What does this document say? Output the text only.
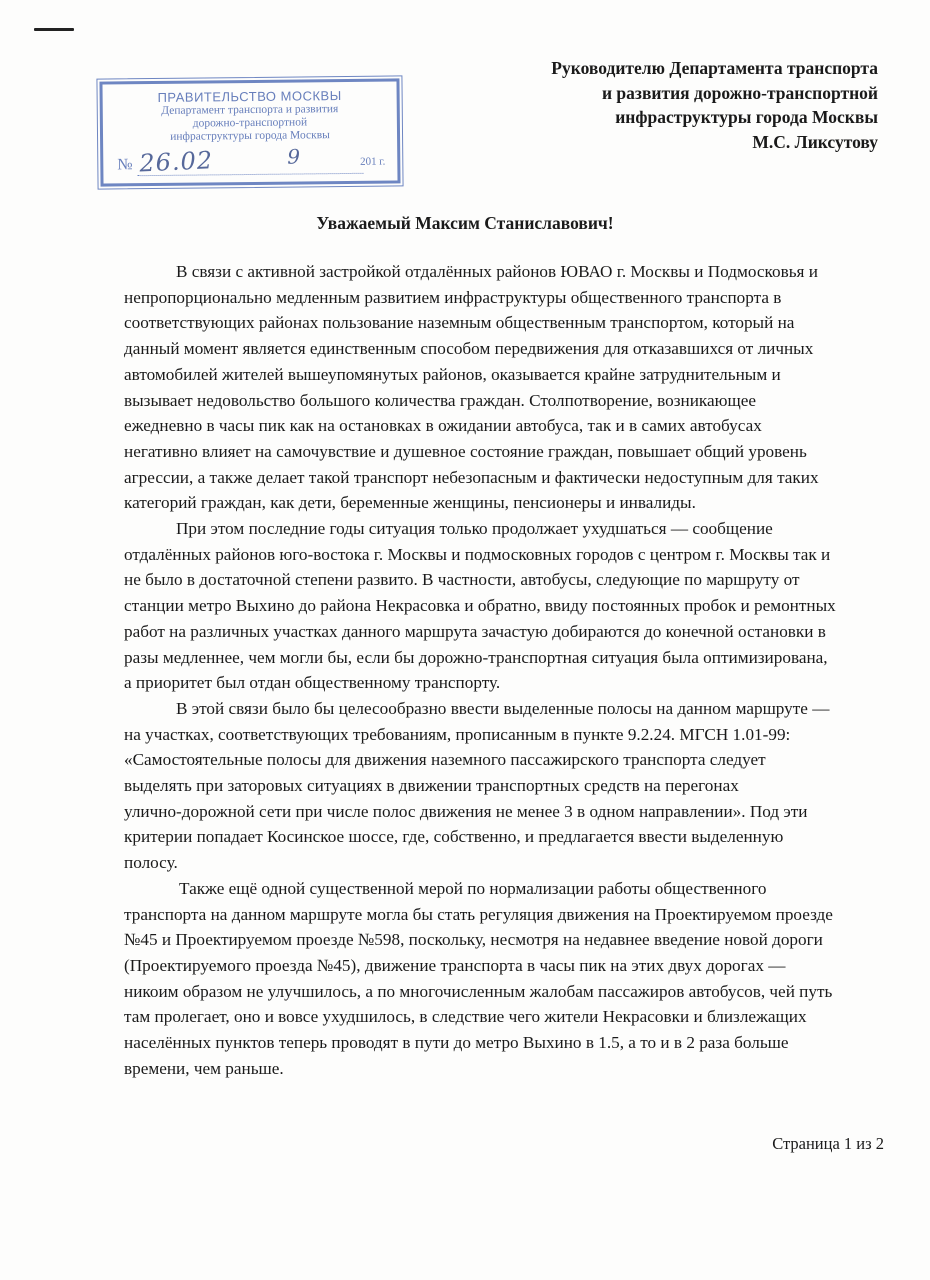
Руководителю Департамента транспорта
и развития дорожно-транспортной
инфраструктуры города Москвы
М.С. Ликсутову
ПРАВИТЕЛЬСТВО МОСКВЫ
Департамент транспорта и развития
дорожно-транспортной
инфраструктуры города Москвы
№ 26.02	9	201 г.
Уважаемый Максим Станиславович!

В связи с активной застройкой отдалённых районов ЮВАО г. Москвы и Подмосковья и
непропорционально медленным развитием инфраструктуры общественного транспорта в
соответствующих районах пользование наземным общественным транспортом, который на
данный момент является единственным способом передвижения для отказавшихся от личных
автомобилей жителей вышеупомянутых районов, оказывается крайне затруднительным и
вызывает недовольство большого количества граждан. Столпотворение, возникающее
ежедневно в часы пик как на остановках в ожидании автобуса, так и в самих автобусах
негативно влияет на самочувствие и душевное состояние граждан, повышает общий уровень
агрессии, а также делает такой транспорт небезопасным и фактически недоступным для таких
категорий граждан, как дети, беременные женщины, пенсионеры и инвалиды.

При этом последние годы ситуация только продолжает ухудшаться — сообщение
отдалённых районов юго-востока г. Москвы и подмосковных городов с центром г. Москвы так и
не было в достаточной степени развито. В частности, автобусы, следующие по маршруту от
станции метро Выхино до района Некрасовка и обратно, ввиду постоянных пробок и ремонтных
работ на различных участках данного маршрута зачастую добираются до конечной остановки в
разы медленнее, чем могли бы, если бы дорожно-транспортная ситуация была оптимизирована,
а приоритет был отдан общественному транспорту.

В этой связи было бы целесообразно ввести выделенные полосы на данном маршруте —
на участках, соответствующих требованиям, прописанным в пункте 9.2.24. МГСН 1.01-99:
«Самостоятельные полосы для движения наземного пассажирского транспорта следует
выделять при заторовых ситуациях в движении транспортных средств на перегонах
улично-дорожной сети при числе полос движения не менее 3 в одном направлении». Под эти
критерии попадает Косинское шоссе, где, собственно, и предлагается ввести выделенную
полосу.

Также ещё одной существенной мерой по нормализации работы общественного
транспорта на данном маршруте могла бы стать регуляция движения на Проектируемом проезде
№45 и Проектируемом проезде №598, поскольку, несмотря на недавнее введение новой дороги
(Проектируемого проезда №45), движение транспорта в часы пик на этих двух дорогах —
никоим образом не улучшилось, а по многочисленным жалобам пассажиров автобусов, чей путь
там пролегает, оно и вовсе ухудшилось, в следствие чего жители Некрасовки и близлежащих
населённых пунктов теперь проводят в пути до метро Выхино в 1.5, а то и в 2 раза больше
времени, чем раньше.

Страница 1 из 2
